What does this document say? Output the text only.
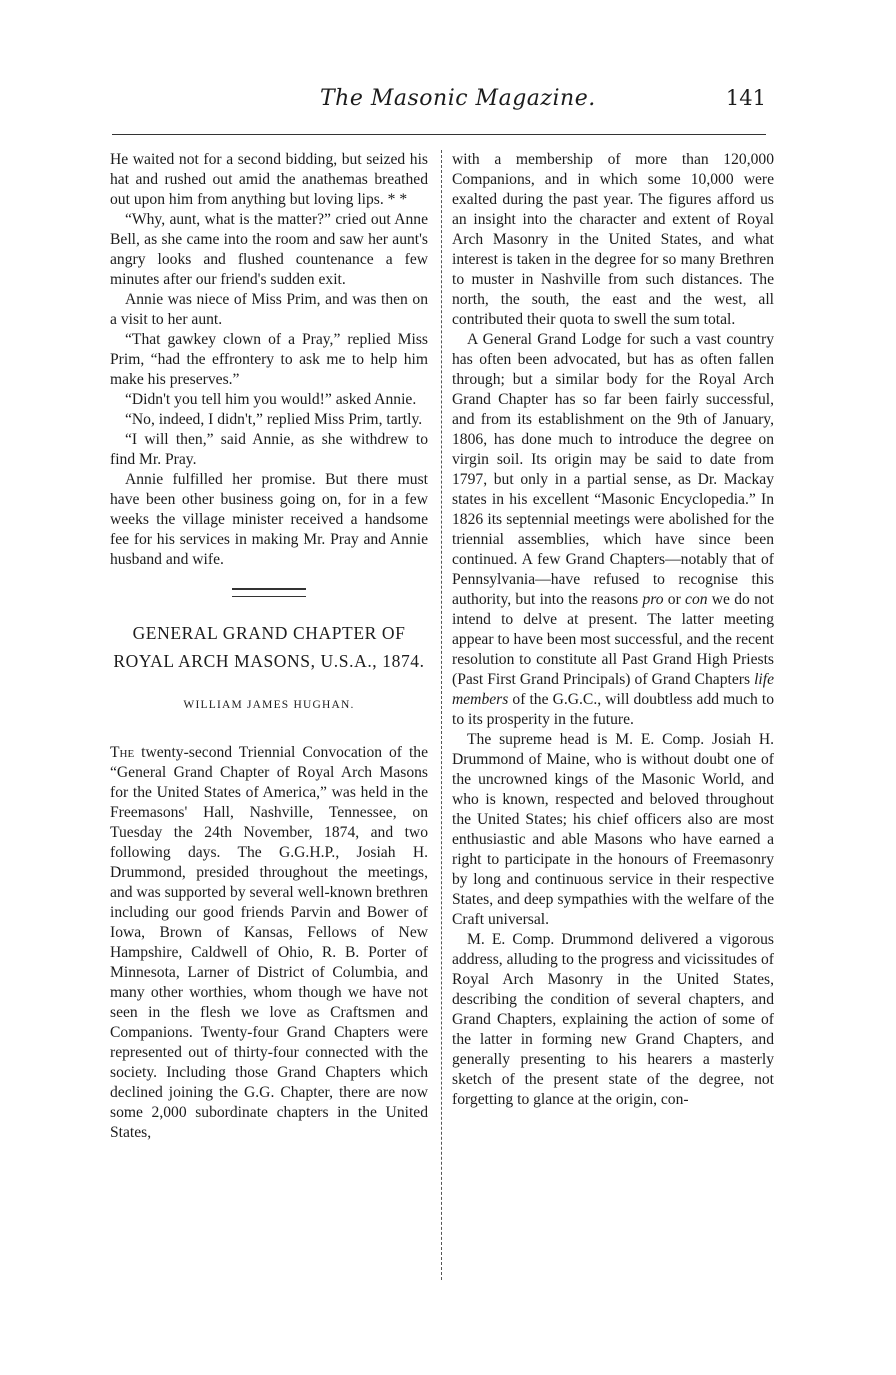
The Masonic Magazine.	141

He waited not for a second bidding, but seized his hat and rushed out amid the anathemas breathed out upon him from anything but loving lips. * *

“Why, aunt, what is the matter?” cried out Anne Bell, as she came into the room and saw her aunt's angry looks and flushed countenance a few minutes after our friend's sudden exit.

Annie was niece of Miss Prim, and was then on a visit to her aunt.

“That gawkey clown of a Pray,” replied Miss Prim, “had the effrontery to ask me to help him make his preserves.”

“Didn't you tell him you would!” asked Annie.

“No, indeed, I didn't,” replied Miss Prim, tartly.

“I will then,” said Annie, as she withdrew to find Mr. Pray.

Annie fulfilled her promise. But there must have been other business going on, for in a few weeks the village minister received a handsome fee for his services in making Mr. Pray and Annie husband and wife.

GENERAL GRAND CHAPTER OF
ROYAL ARCH MASONS, U.S.A., 1874.

WILLIAM JAMES HUGHAN.

The twenty-second Triennial Convocation of the “General Grand Chapter of Royal Arch Masons for the United States of America,” was held in the Freemasons' Hall, Nashville, Tennessee, on Tuesday the 24th November, 1874, and two following days. The G.G.H.P., Josiah H. Drummond, presided throughout the meetings, and was supported by several well-known brethren including our good friends Parvin and Bower of Iowa, Brown of Kansas, Fellows of New Hampshire, Caldwell of Ohio, R. B. Porter of Minnesota, Larner of District of Columbia, and many other worthies, whom though we have not seen in the flesh we love as Craftsmen and Companions. Twenty-four Grand Chapters were represented out of thirty-four connected with the society. Including those Grand Chapters which declined joining the G.G. Chapter, there are now some 2,000 subordinate chapters in the United States,

with a membership of more than 120,000 Companions, and in which some 10,000 were exalted during the past year. The figures afford us an insight into the character and extent of Royal Arch Masonry in the United States, and what interest is taken in the degree for so many Brethren to muster in Nashville from such distances. The north, the south, the east and the west, all contributed their quota to swell the sum total.

A General Grand Lodge for such a vast country has often been advocated, but has as often fallen through; but a similar body for the Royal Arch Grand Chapter has so far been fairly successful, and from its establishment on the 9th of January, 1806, has done much to introduce the degree on virgin soil. Its origin may be said to date from 1797, but only in a partial sense, as Dr. Mackay states in his excellent “Masonic Encyclopedia.” In 1826 its septennial meetings were abolished for the triennial assemblies, which have since been continued. A few Grand Chapters—notably that of Pennsylvania—have refused to recognise this authority, but into the reasons pro or con we do not intend to delve at present. The latter meeting appear to have been most successful, and the recent resolution to constitute all Past Grand High Priests (Past First Grand Principals) of Grand Chapters life members of the G.G.C., will doubtless add much to to its prosperity in the future.

The supreme head is M. E. Comp. Josiah H. Drummond of Maine, who is without doubt one of the uncrowned kings of the Masonic World, and who is known, respected and beloved throughout the United States; his chief officers also are most enthusiastic and able Masons who have earned a right to participate in the honours of Freemasonry by long and continuous service in their respective States, and deep sympathies with the welfare of the Craft universal.

M. E. Comp. Drummond delivered a vigorous address, alluding to the progress and vicissitudes of Royal Arch Masonry in the United States, describing the condition of several chapters, and Grand Chapters, explaining the action of some of the latter in forming new Grand Chapters, and generally presenting to his hearers a masterly sketch of the present state of the degree, not forgetting to glance at the origin, con-
